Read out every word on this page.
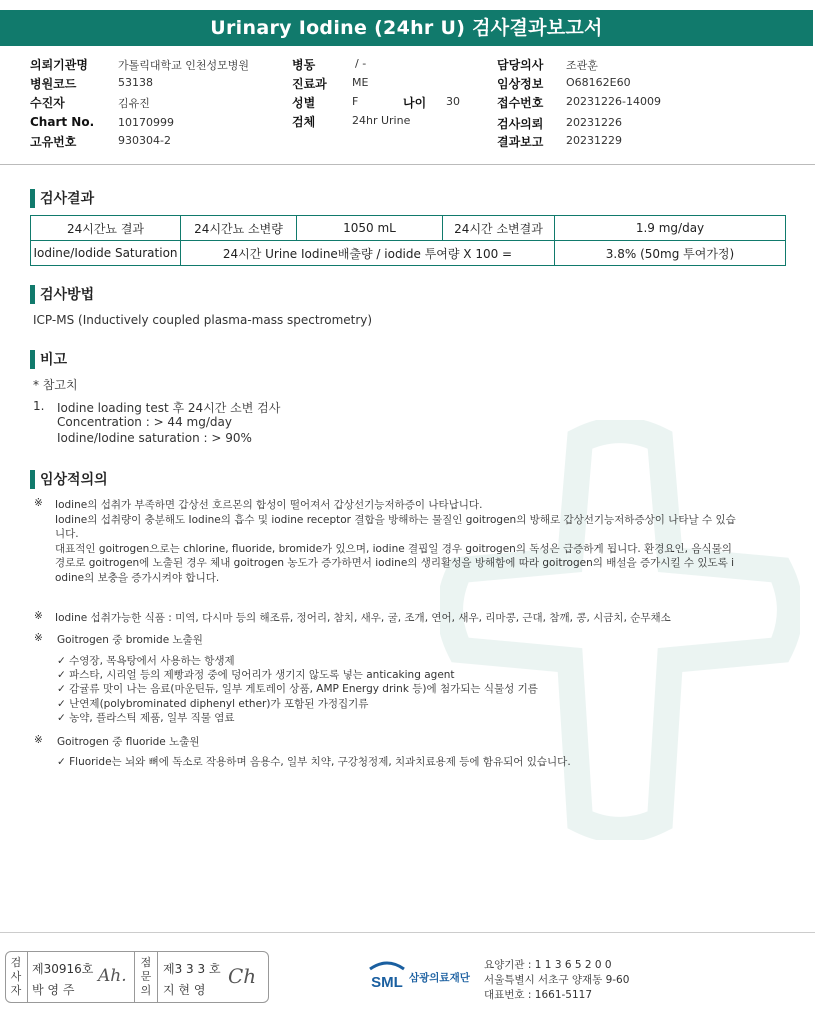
Urinary Iodine (24hr U) 검사결과보고서
의뢰기관명	가톨릭대학교 인천성모병원
병원코드	53138
수진자	김유진
Chart No. 10170999
고유번호	930304-2
병동	/ -
진료과 ME
성별	F	나이 30
검체	24hr Urine
담당의사 조관훈
임상정보 O68162E60
접수번호 20231226-14009
검사의뢰 20231226
결과보고 20231229
검사결과
24시간뇨 결과	24시간뇨 소변량	1050 mL	24시간 소변결과	1.9 mg/day
Iodine/Iodide Saturation	24시간 Urine Iodine배출량 / iodide 투여량 X 100 =			3.8% (50mg 투여가정)
검사방법
ICP-MS (Inductively coupled plasma-mass spectrometry)
비고
* 참고치
1. Iodine loading test 후 24시간 소변 검사
Concentration : > 44 mg/day
Iodine/Iodine saturation : > 90%
임상적의의
※ Iodine의 섭취가 부족하면 갑상선 호르몬의 합성이 떨어져서 갑상선기능저하증이 나타납니다.
Iodine의 섭취량이 충분해도 Iodine의 흡수 및 iodine receptor 결합을 방해하는 물질인 goitrogen의 방해로 갑상선기능저하증상이 나타날 수 있습
니다.
대표적인 goitrogen으로는 chlorine, fluoride, bromide가 있으며, iodine 결핍일 경우 goitrogen의 독성은 급증하게 됩니다. 환경요인, 음식물의
경로로 goitrogen에 노출된 경우 체내 goitrogen 농도가 증가하면서 iodine의 생리활성을 방해함에 따라 goitrogen의 배설을 증가시킬 수 있도록 i
odine의 보충을 증가시켜야 합니다.
※ Iodine 섭취가능한 식품 : 미역, 다시마 등의 해조류, 정어리, 참치, 새우, 굴, 조개, 연어, 새우, 리마콩, 근대, 참깨, 콩, 시금치, 순무채소
※ Goitrogen 중 bromide 노출원
✓ 수영장, 목욕탕에서 사용하는 항생제
✓ 파스타, 시리얼 등의 제빵과정 중에 덩어리가 생기지 않도록 넣는 anticaking agent
✓ 감귤류 맛이 나는 음료(마운틴듀, 일부 게토레이 상품, AMP Energy drink 등)에 첨가되는 식물성 기름
✓ 난연제(polybrominated diphenyl ether)가 포함된 가정집기류
✓ 농약, 플라스틱 제품, 일부 직물 염료
※ Goitrogen 중 fluoride 노출원
✓ Fluoride는 뇌와 뼈에 독소로 작용하며 음용수, 일부 치약, 구강청정제, 치과치료용제 등에 함유되어 있습니다.
검사자
제30916호
박 영 주
Ah.
점문의
제3 3 3 호
지 현 영
Ch	SML 삼광의료재단
요양기관 : 1 1 3 6 5 2 0 0
서울특별시 서초구 양재동 9-60
대표번호 : 1661-5117
